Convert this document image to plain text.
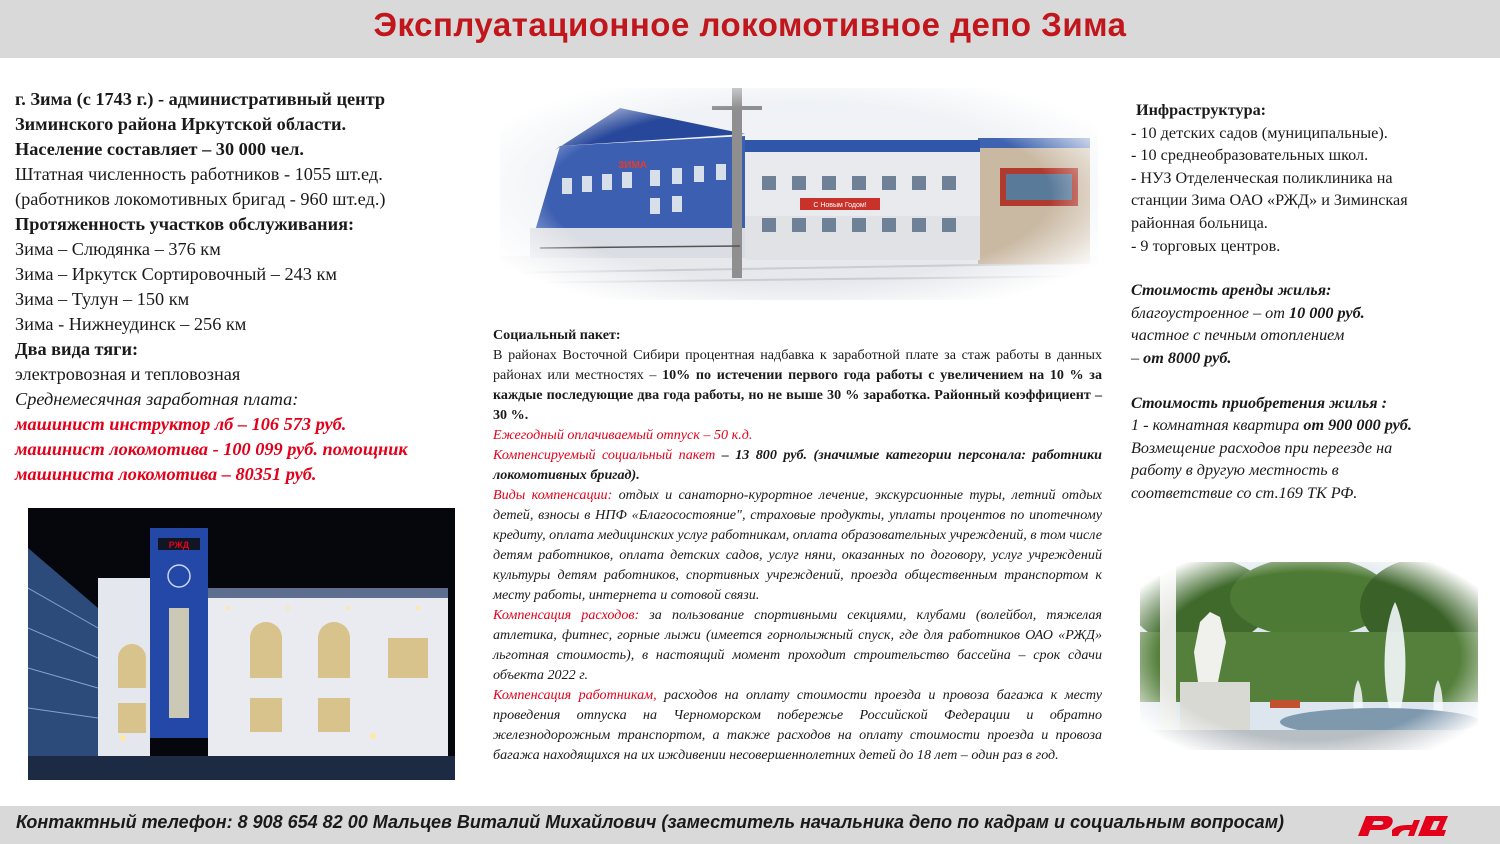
Эксплуатационное локомотивное депо Зима
г. Зима (с 1743 г.) - административный центр
Зиминского района Иркутской области.
Население составляет – 30 000 чел.
Штатная численность работников - 1055 шт.ед.
(работников локомотивных бригад - 960 шт.ед.)
Протяженность участков обслуживания:
Зима – Слюдянка – 376 км
Зима – Иркутск Сортировочный – 243 км
Зима – Тулун – 150 км
Зима - Нижнеудинск – 256 км
Два вида тяги:
электровозная и тепловозная
Среднемесячная заработная плата:
машинист инструктор лб – 106 573 руб.
машинист локомотива - 100 099 руб. помощник
машиниста локомотива – 80351 руб.

Социальный пакет:

В районах Восточной Сибири процентная надбавка к заработной плате за стаж работы в данных районах или местностях – 10% по истечении первого года работы с увеличением на 10 % за каждые последующие два года работы, но не выше 30 % заработка. Районный коэффициент – 30 %.

Ежегодный оплачиваемый отпуск – 50 к.д.

Компенсируемый социальный пакет – 13 800 руб. (значимые категории персонала: работники локомотивных бригад).

Виды компенсации: отдых и санаторно-курортное лечение, экскурсионные туры, летний отдых детей, взносы в НПФ «Благосостояние", страховые продукты, уплаты процентов по ипотечному кредиту, оплата медицинских услуг работникам, оплата образовательных учреждений, в том числе детям работников, оплата детских садов, услуг няни, оказанных по договору, услуг учреждений культуры детям работников, спортивных учреждений, проезда общественным транспортом к месту работы, интернета и сотовой связи.

Компенсация расходов: за пользование спортивными секциями, клубами (волейбол, тяжелая атлетика, фитнес, горные лыжи (имеется горнолыжный спуск, где для работников ОАО «РЖД» льготная стоимость), в настоящий момент проходит строительство бассейна – срок сдачи объекта 2022 г.

Компенсация работникам, расходов на оплату стоимости проезда и провоза багажа к месту проведения отпуска на Черноморском побережье Российской Федерации и обратно железнодорожным транспортом, а также расходов на оплату стоимости проезда и провоза багажа находящихся на их иждивении несовершеннолетних детей до 18 лет – один раз в год.

РЖД
Инфраструктура:
- 10 детских садов (муниципальные).
- 10 среднеобразовательных школ.
- НУЗ Отделенческая поликлиника на
станции Зима ОАО «РЖД» и Зиминская
районная больница.
- 9 торговых центров.
Стоимость аренды жилья:
благоустроенное – от 10 000 руб.
частное с печным отоплением
– от 8000 руб.
Стоимость приобретения жилья :
1 - комнатная квартира от 900 000 руб.
Возмещение расходов при переезде на
работу в другую местность в
соответствие со ст.169 ТК РФ.
Контактный телефон: 8 908 654 82 00 Мальцев Виталий Михайлович (заместитель начальника депо по кадрам и социальным вопросам)
